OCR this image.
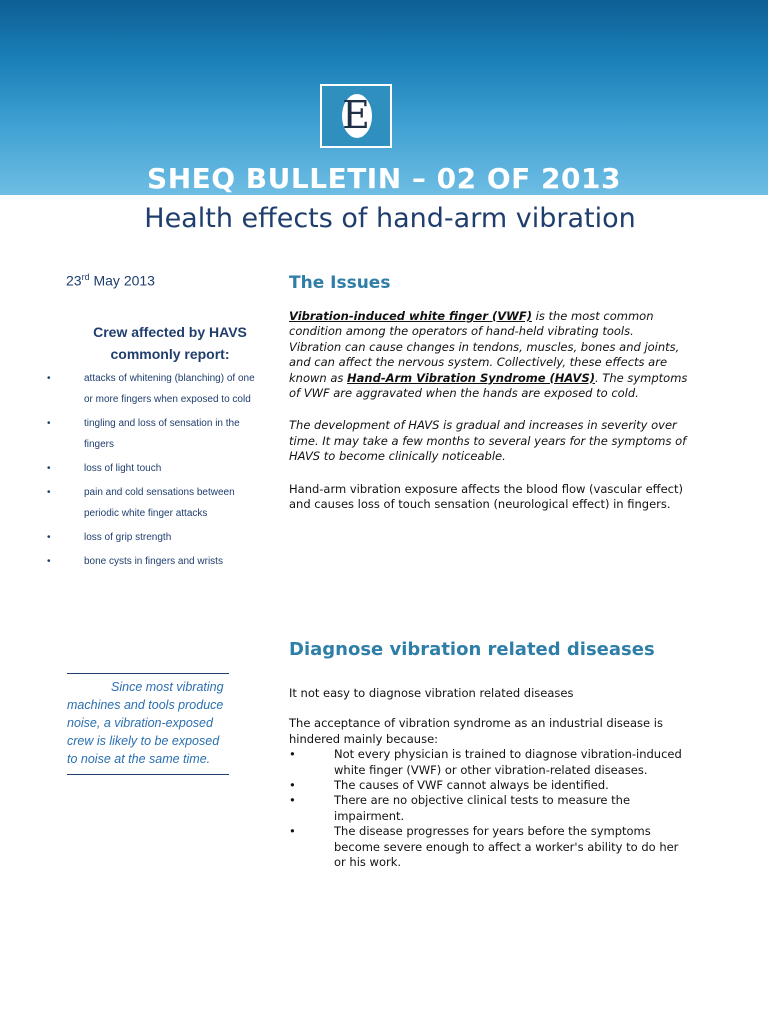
E
SHEQ BULLETIN – 02 OF 2013
Health effects of hand-arm vibration
23rd May 2013
Crew affected by HAVS commonly report:
•	attacks of whitening (blanching) of one or more fingers when exposed to cold
•	tingling and loss of sensation in the fingers
•	loss of light touch
•	pain and cold sensations between periodic white finger attacks
•	loss of grip strength
•	bone cysts in fingers and wrists

Since most vibrating machines and tools produce noise, a vibration-exposed crew is likely to be exposed to noise at the same time.

The Issues

Vibration-induced white finger (VWF) is the most common condition among the operators of hand-held vibrating tools. Vibration can cause changes in tendons, muscles, bones and joints, and can affect the nervous system. Collectively, these effects are known as Hand-Arm Vibration Syndrome (HAVS). The symptoms of VWF are aggravated when the hands are exposed to cold.

The development of HAVS is gradual and increases in severity over time. It may take a few months to several years for the symptoms of HAVS to become clinically noticeable.

Hand-arm vibration exposure affects the blood flow (vascular effect) and causes loss of touch sensation (neurological effect) in fingers.

Diagnose vibration related diseases

It not easy to diagnose vibration related diseases

The acceptance of vibration syndrome as an industrial disease is hindered mainly because:

•	Not every physician is trained to diagnose vibration-induced white finger (VWF) or other vibration-related diseases.
•	The causes of VWF cannot always be identified.
•	There are no objective clinical tests to measure the impairment.
•	The disease progresses for years before the symptoms become severe enough to affect a worker's ability to do her or his work.
